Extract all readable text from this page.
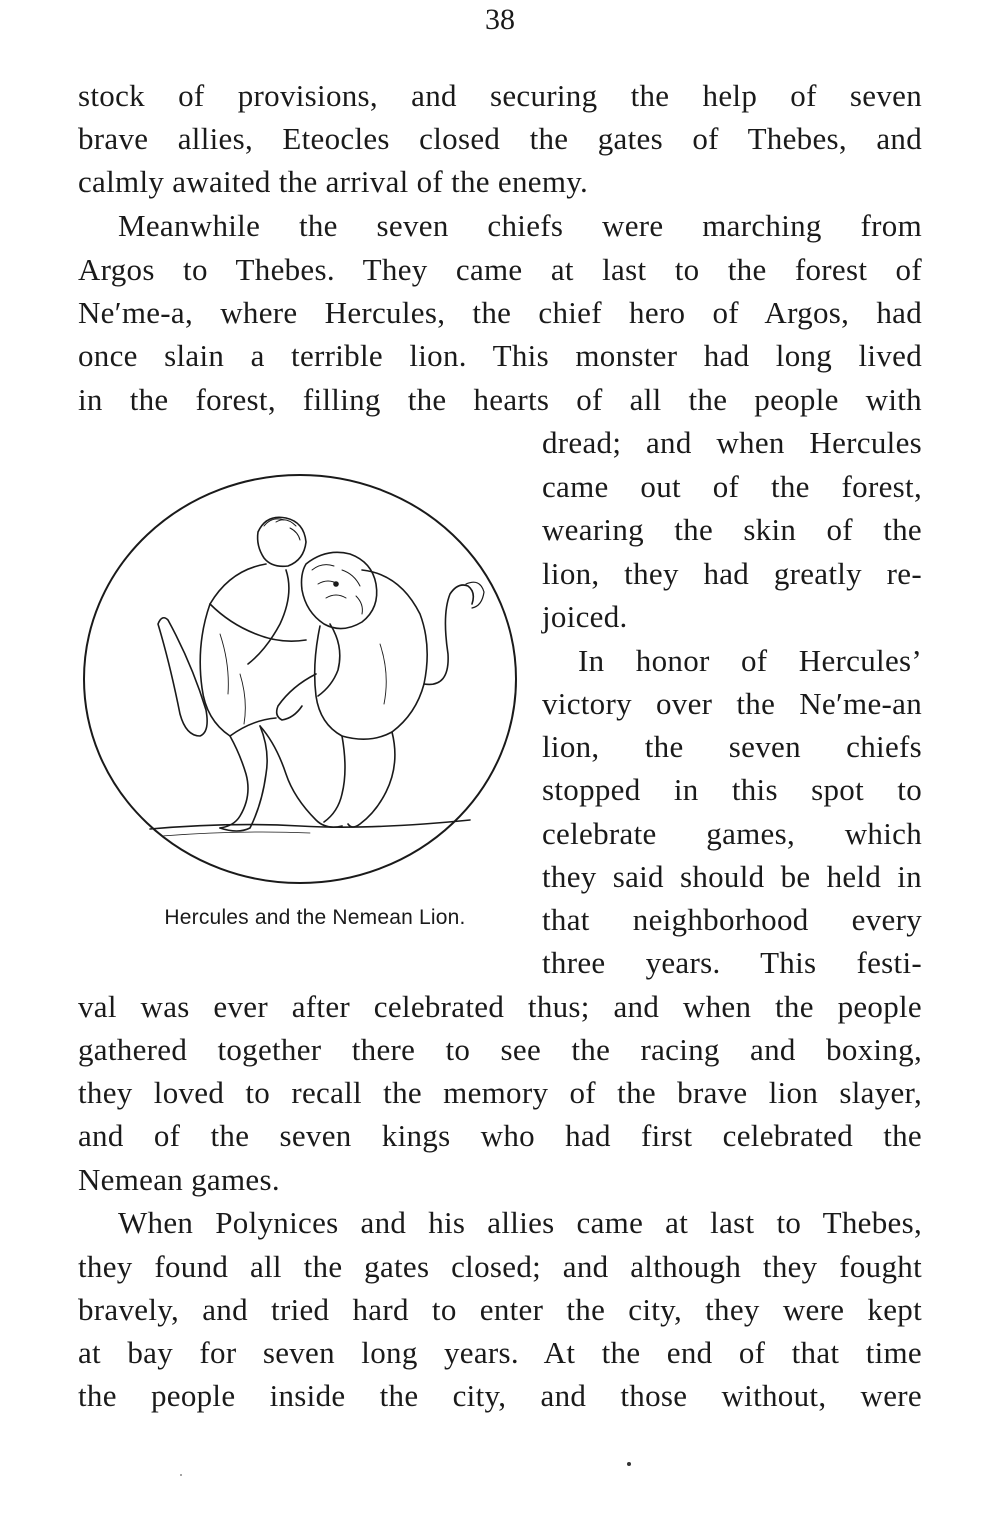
38
stock of provisions, and securing the help of seven
brave allies, Eteocles closed the gates of Thebes, and
calmly awaited the arrival of the enemy.
Meanwhile the seven chiefs were marching from
Argos to Thebes. They came at last to the forest of
Ne′me-a, where Hercules, the chief hero of Argos, had
once slain a terrible lion. This monster had long lived
in the forest, filling the hearts of all the people with
dread; and when Hercules
came out of the forest,
wearing the skin of the
lion, they had greatly re-
joiced.
In honor of Hercules’
victory over the Ne′me-an
lion, the seven chiefs
stopped in this spot to
celebrate games, which
they said should be held in
that neighborhood every
three years. This festi-
val was ever after celebrated thus; and when the people
gathered together there to see the racing and boxing,
they loved to recall the memory of the brave lion slayer,
and of the seven kings who had first celebrated the
Nemean games.
When Polynices and his allies came at last to Thebes,
they found all the gates closed; and although they fought
bravely, and tried hard to enter the city, they were kept
at bay for seven long years. At the end of that time
the people inside the city, and those without, were
Hercules and the Nemean Lion.
